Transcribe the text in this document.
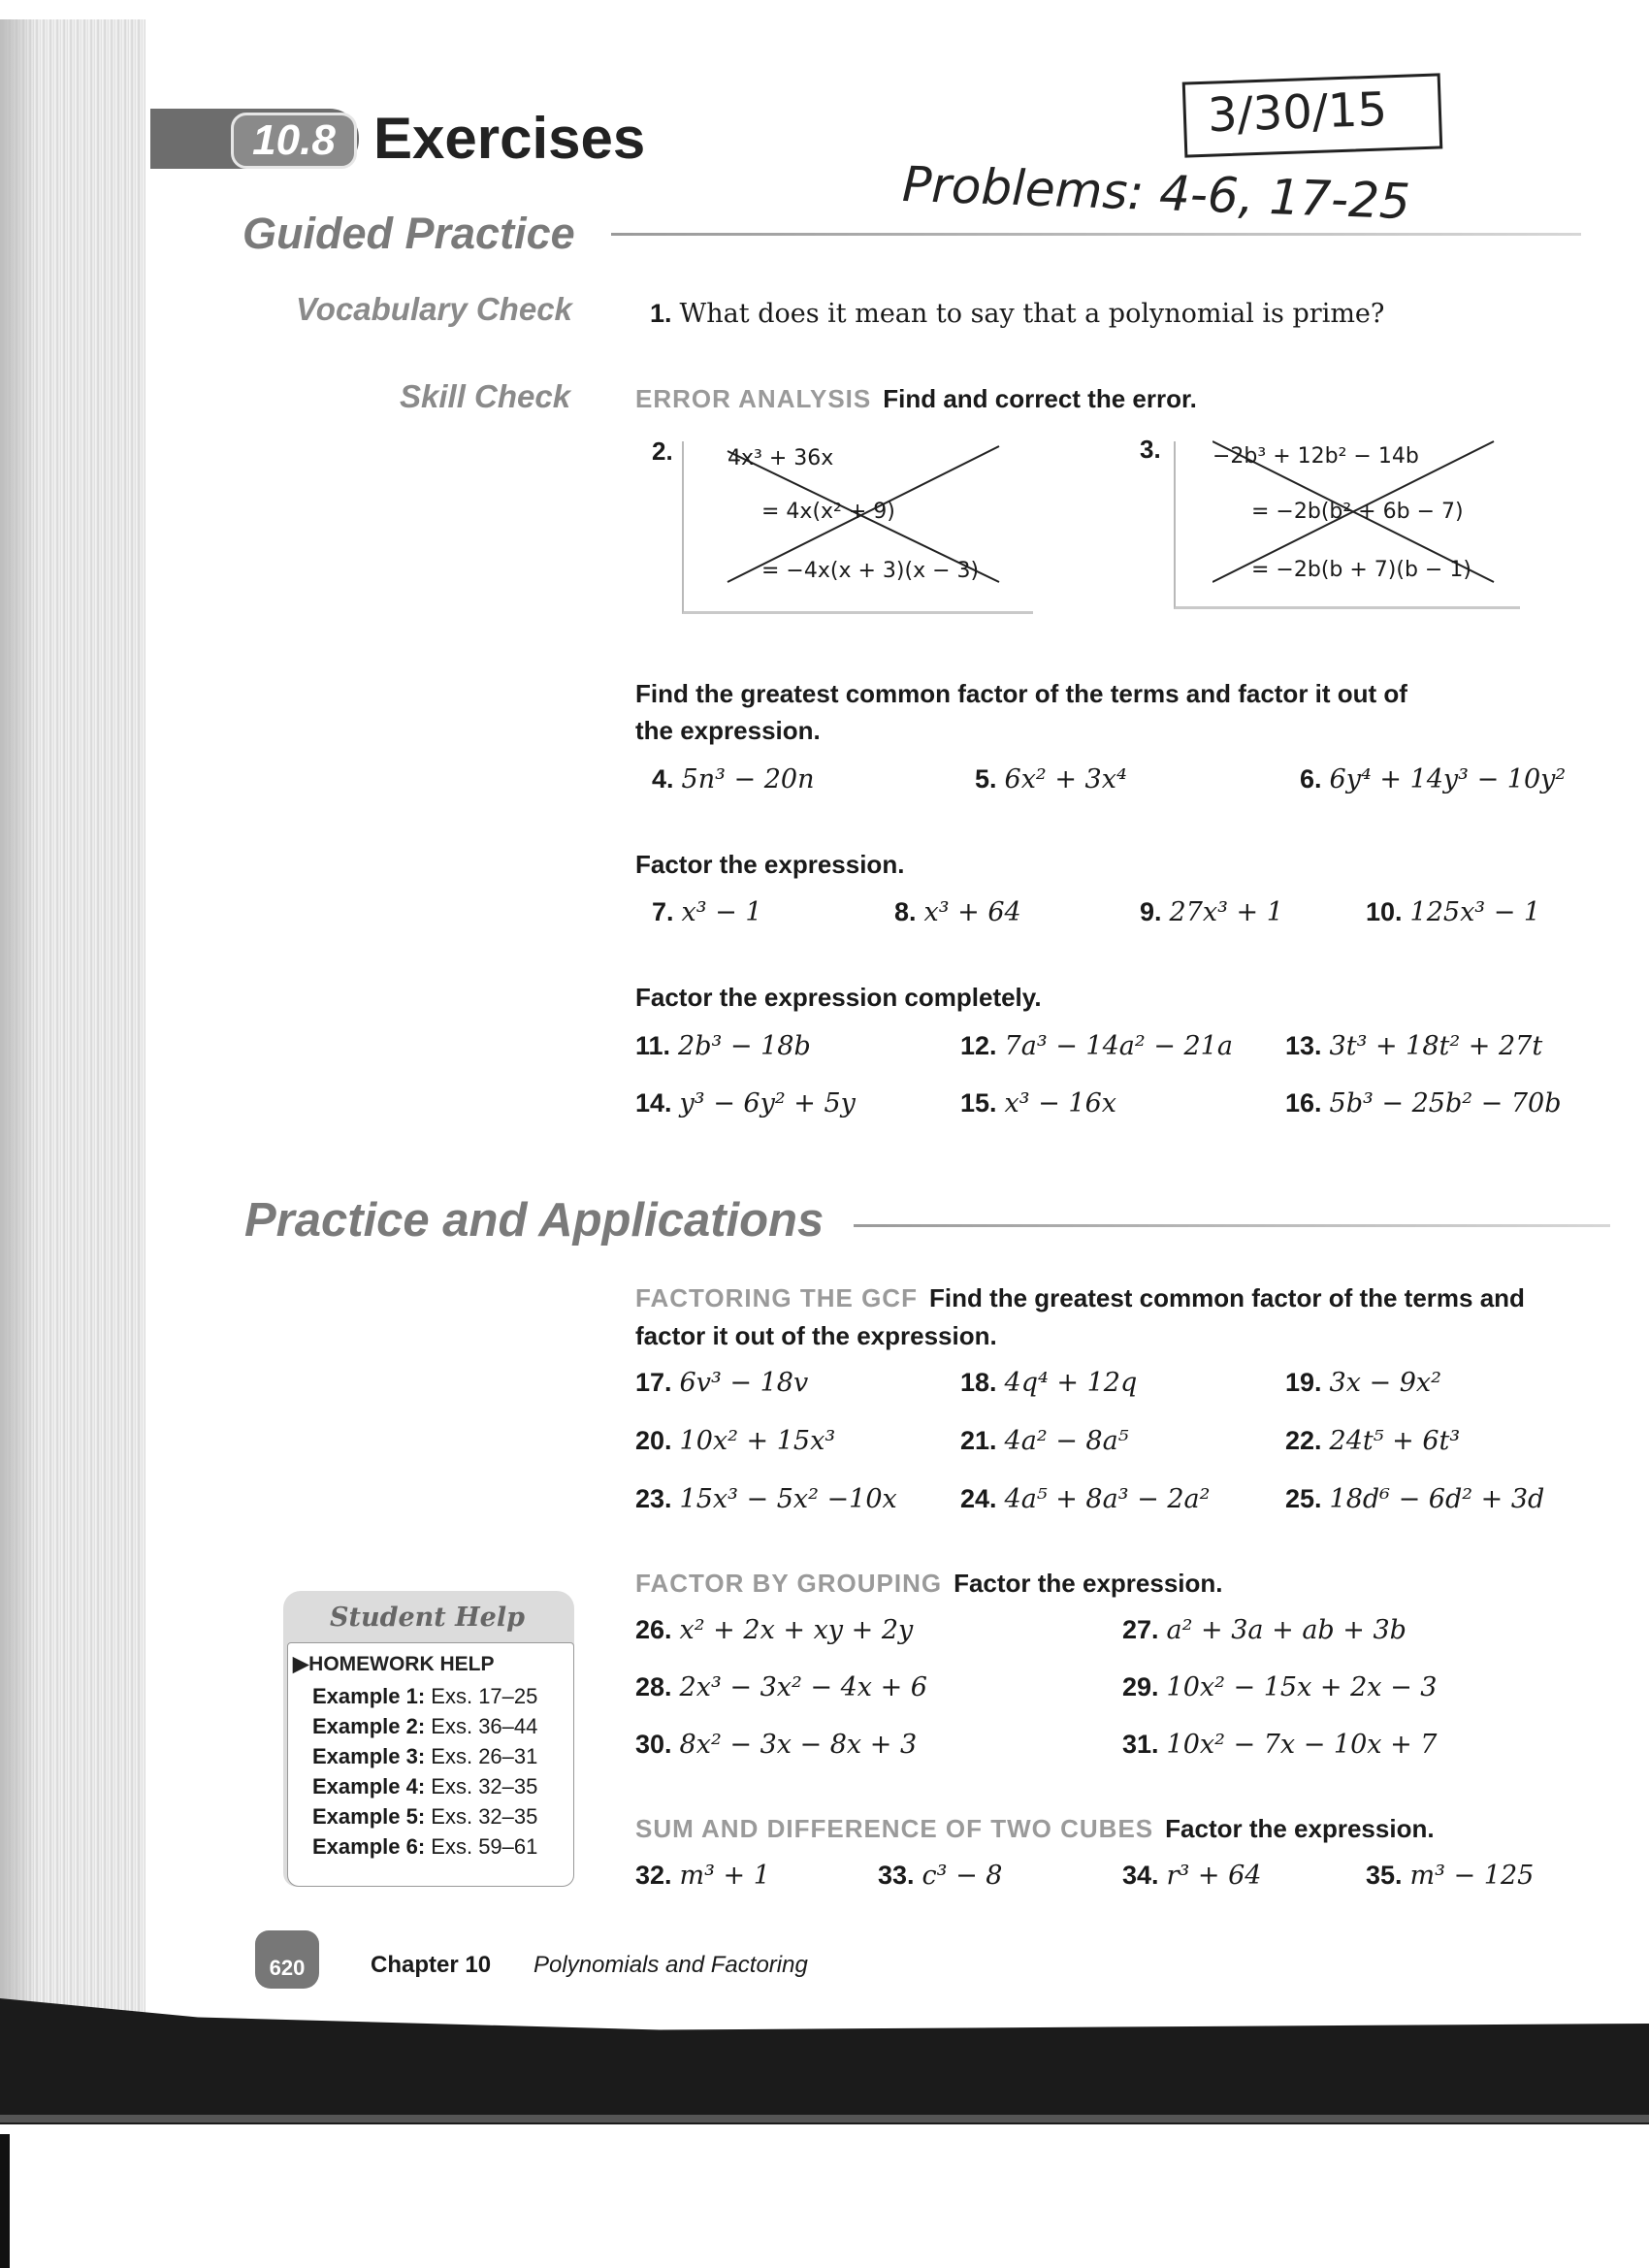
10.8 Exercises	3/30/15
Problems: 4-6, 17-25
Guided Practice
Vocabulary Check	1. What does it mean to say that a polynomial is prime?
Skill Check	ERROR ANALYSIS Find and correct the error.
2.	4x³ + 36x
= 4x(x² + 9)
= −4x(x + 3)(x − 3)
3. −2b³ + 12b² − 14b
= −2b(b² + 6b − 7)
= −2b(b + 7)(b − 1)
Find the greatest common factor of the terms and factor it out of
the expression.
4. 5n³ − 20n	5. 6x² + 3x⁴	6. 6y⁴ + 14y³ − 10y²
Factor the expression.
7. x³ − 1	8. x³ + 64	9. 27x³ + 1	10. 125x³ − 1
Factor the expression completely.
11. 2b³ − 18b	12. 7a³ − 14a² − 21a 13. 3t³ + 18t² + 27t
14. y³ − 6y² + 5y	15. x³ − 16x	16. 5b³ − 25b² − 70b
Practice and Applications
FACTORING THE GCF Find the greatest common factor of the terms and
factor it out of the expression.
17. 6v³ − 18v	18. 4q⁴ + 12q	19. 3x − 9x²
20. 10x² + 15x³	21. 4a² − 8a⁵	22. 24t⁵ + 6t³
23. 15x³ − 5x² −10x 24. 4a⁵ + 8a³ − 2a²	25. 18d⁶ − 6d² + 3d
FACTOR BY GROUPING Factor the expression.
26. x² + 2x + xy + 2y	27. a² + 3a + ab + 3b
28. 2x³ − 3x² − 4x + 6	29. 10x² − 15x + 2x − 3
30. 8x² − 3x − 8x + 3	31. 10x² − 7x − 10x + 7
SUM AND DIFFERENCE OF TWO CUBES Factor the expression.
32. m³ + 1	33. c³ − 8	34. r³ + 64	35. m³ − 125
Student Help
▶HOMEWORK HELP
Example 1: Exs. 17–25
Example 2: Exs. 36–44
Example 3: Exs. 26–31
Example 4: Exs. 32–35
Example 5: Exs. 32–35
Example 6: Exs. 59–61
620	Chapter 10 Polynomials and Factoring
